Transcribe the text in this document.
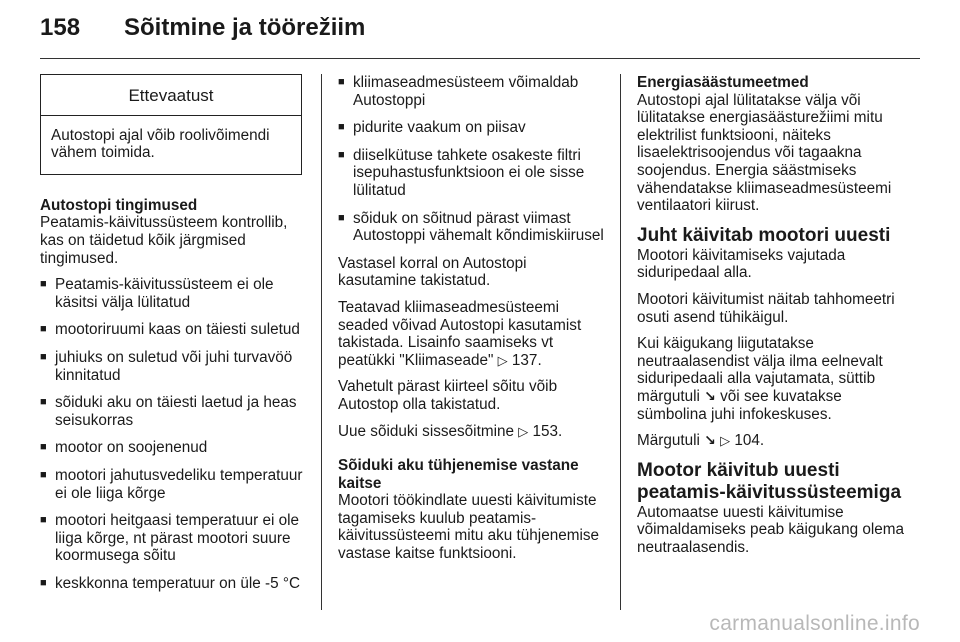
158	Sõitmine ja töörežiim
Ettevaatust
Autostopi ajal võib roolivõimendi vähem toimida.
Autostopi tingimused

Peatamis-käivitussüsteem kontrollib, kas on täidetud kõik järgmised tingimused.

■ Peatamis-käivitussüsteem ei ole käsitsi välja lülitatud
■ mootoriruumi kaas on täiesti suletud
■ juhiuks on suletud või juhi turvavöö kinnitatud
■ sõiduki aku on täiesti laetud ja heas seisukorras
■ mootor on soojenenud
■ mootori jahutusvedeliku temperatuur ei ole liiga kõrge
■ mootori heitgaasi temperatuur ei ole liiga kõrge, nt pärast mootori suure koormusega sõitu
■ keskkonna temperatuur on üle -5 °C
■ kliimaseadmesüsteem võimaldab Autostoppi
■ pidurite vaakum on piisav
■ diiselkütuse tahkete osakeste filtri isepuhastusfunktsioon ei ole sisse lülitatud
■ sõiduk on sõitnud pärast viimast Autostoppi vähemalt kõndimiskiirusel

Vastasel korral on Autostopi kasutamine takistatud.

Teatavad kliimaseadmesüsteemi seaded võivad Autostopi kasutamist takistada. Lisainfo saamiseks vt peatükki "Kliimaseade" ▷ 137.

Vahetult pärast kiirteel sõitu võib Autostop olla takistatud.

Uue sõiduki sissesõitmine ▷ 153.

Sõiduki aku tühjenemise vastane kaitse

Mootori töökindlate uuesti käivitumiste tagamiseks kuulub peatamis-käivitussüsteemi mitu aku tühjenemise vastase kaitse funktsiooni.

Energiasäästumeetmed

Autostopi ajal lülitatakse välja või lülitatakse energiasäästurežiimi mitu elektrilist funktsiooni, näiteks lisaelektrisoojendus või tagaakna soojendus. Energia säästmiseks vähendatakse kliimaseadmesüsteemi ventilaatori kiirust.

Juht käivitab mootori uuesti

Mootori käivitamiseks vajutada siduripedaal alla.

Mootori käivitumist näitab tahhomeetri osuti asend tühikäigul.

Kui käigukang liigutatakse neutraalasendist välja ilma eelnevalt siduripedaali alla vajutamata, süttib märgutuli ↘ või see kuvatakse sümbolina juhi infokeskuses.

Märgutuli ↘ ▷ 104.

Mootor käivitub uuesti peatamis-käivitussüsteemiga

Automaatse uuesti käivitumise võimaldamiseks peab käigukang olema neutraalasendis.

carmanualsonline.info
